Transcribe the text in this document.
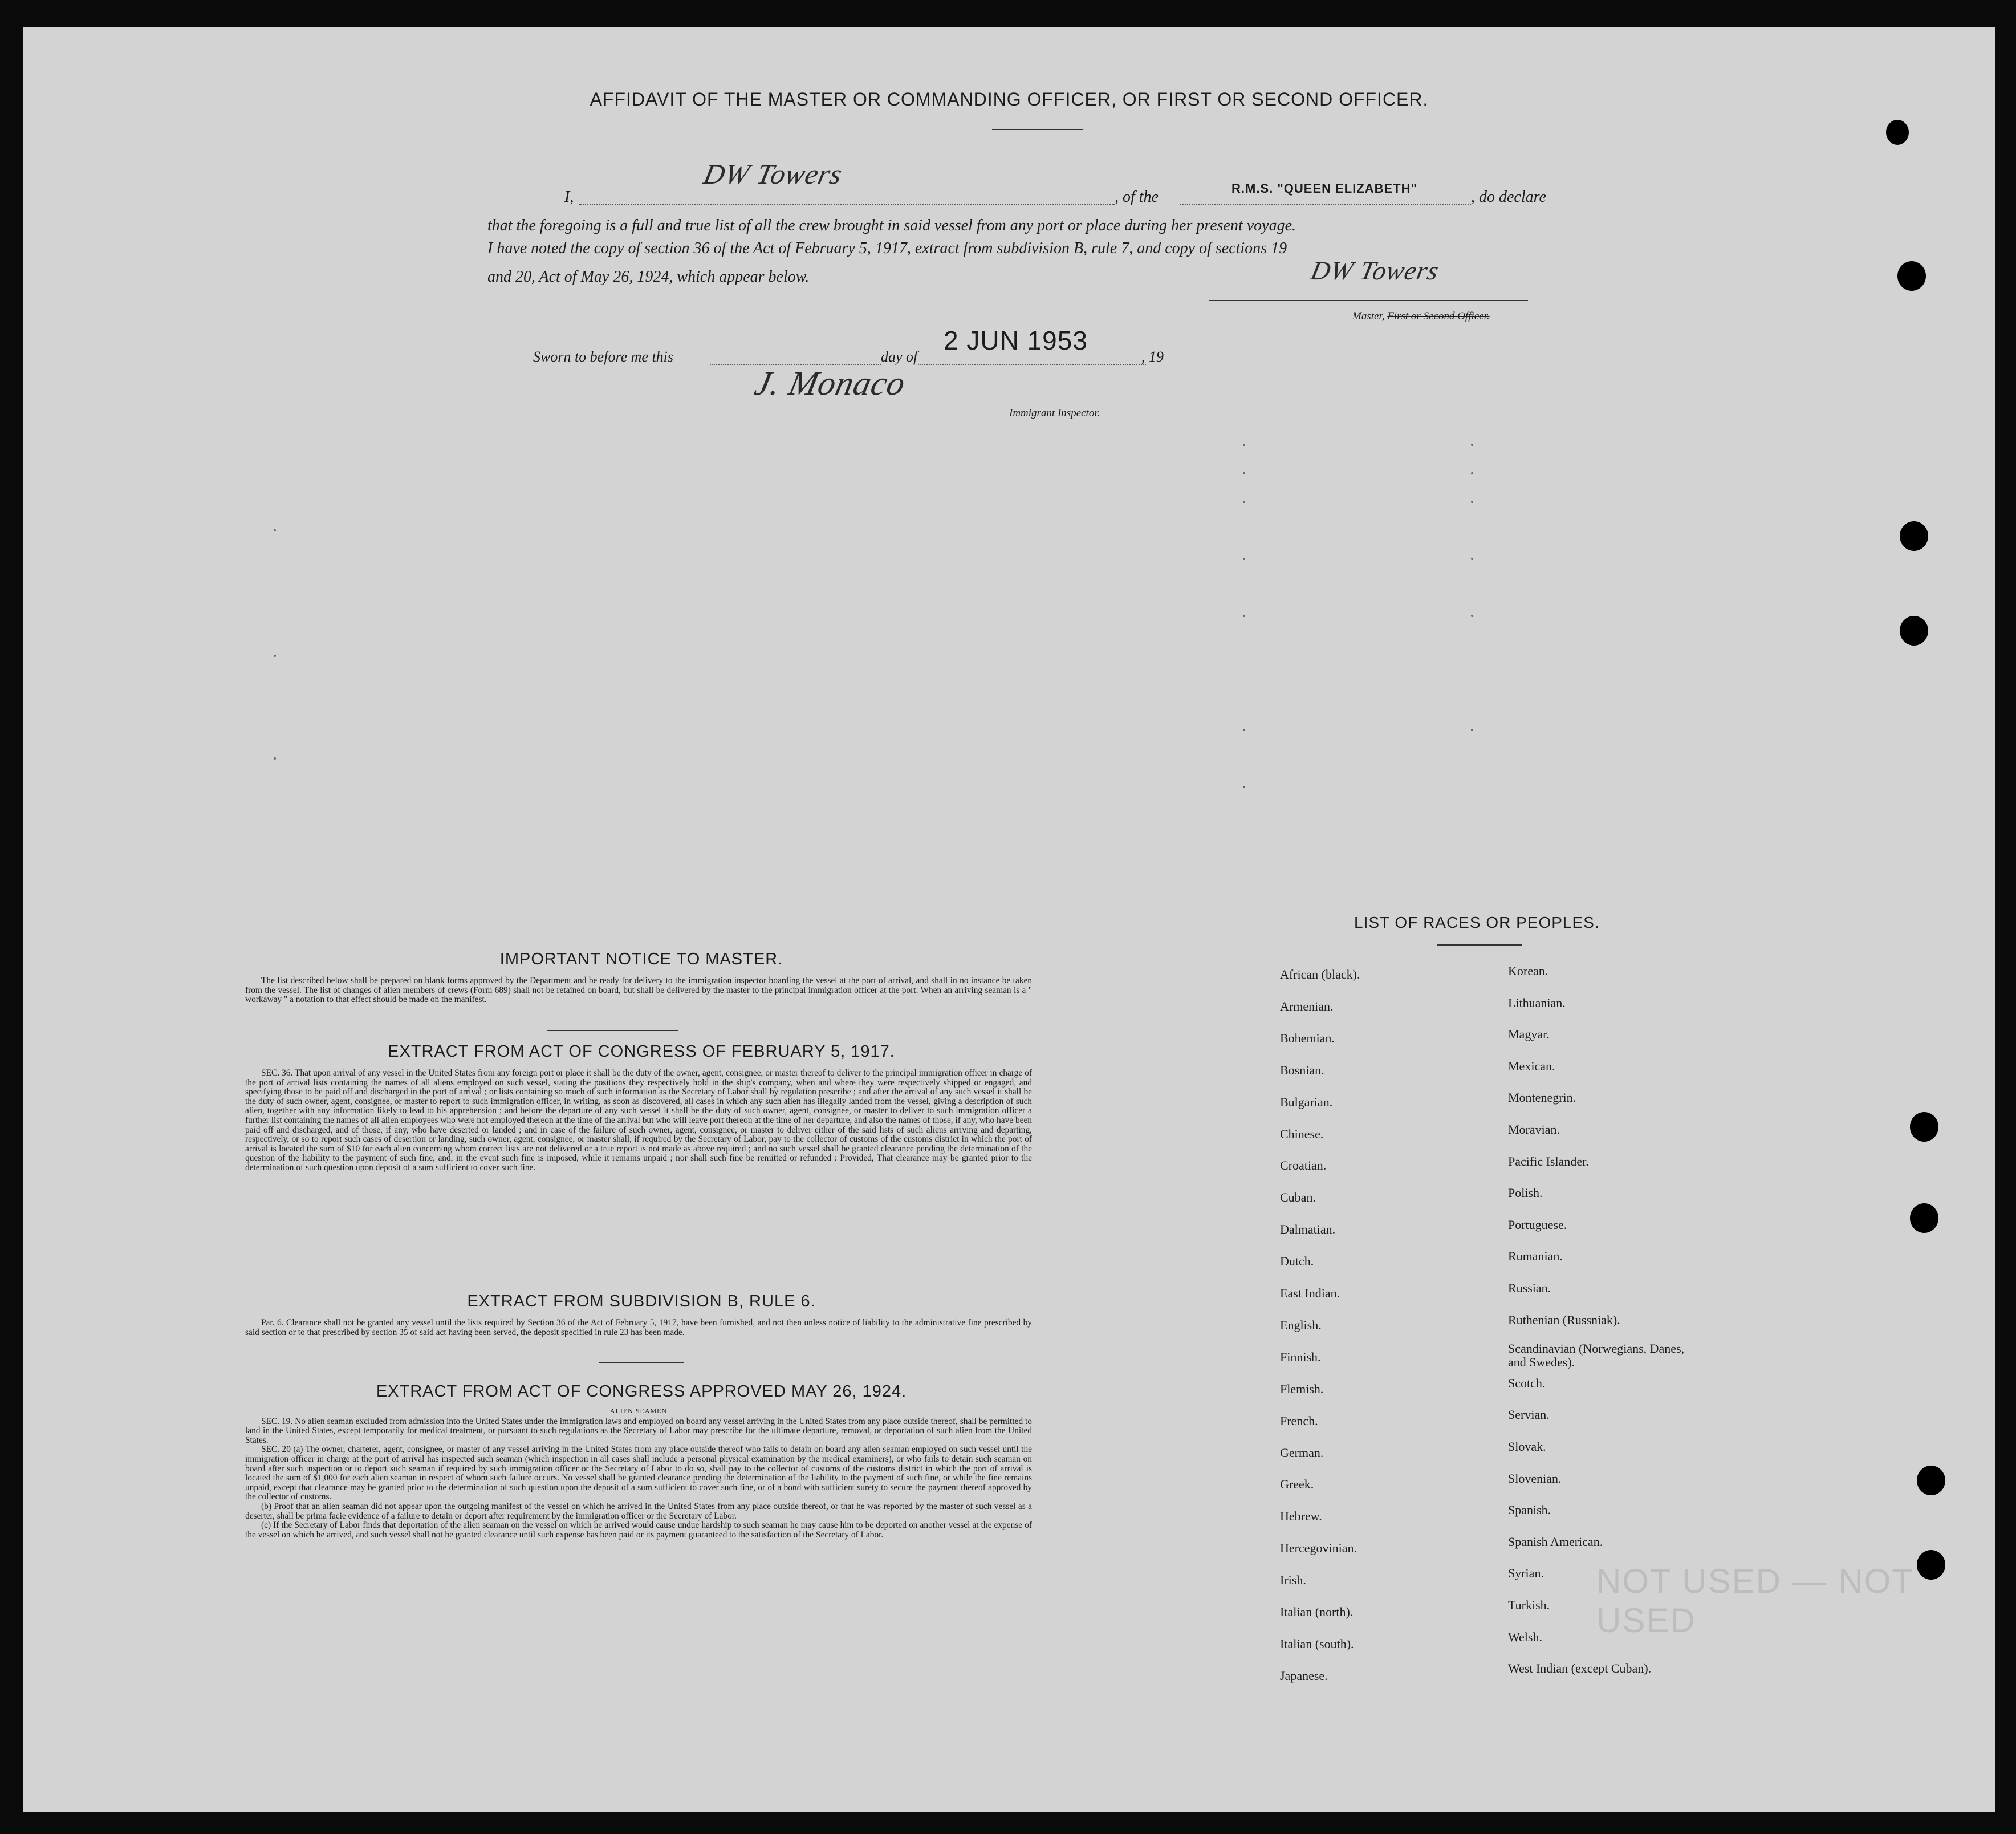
AFFIDAVIT OF THE MASTER OR COMMANDING OFFICER, OR FIRST OR SECOND OFFICER.
I,
DW Towers
, of the	R.M.S. "QUEEN ELIZABETH"	, do declare
that the foregoing is a full and true list of all the crew brought in said vessel from any port or place during her present voyage.
I have noted the copy of section 36 of the Act of February 5, 1917, extract from subdivision B, rule 7, and copy of sections 19
and 20, Act of May 26, 1924, which appear below.	DW Towers
Master, First or Second Officer.
Sworn to before me this	day of
2 JUN 1953
, 19
J. Monaco
Immigrant Inspector.
NOT USED — NOT USED
IMPORTANT NOTICE TO MASTER.

The list described below shall be prepared on blank forms approved by the Department and be ready for delivery to the immigration inspector boarding the vessel at the port of arrival, and shall in no instance be taken from the vessel. The list of changes of alien members of crews (Form 689) shall not be retained on board, but shall be delivered by the master to the principal immigration officer at the port. When an arriving seaman is a " workaway " a notation to that effect should be made on the manifest.

EXTRACT FROM ACT OF CONGRESS OF FEBRUARY 5, 1917.

SEC. 36. That upon arrival of any vessel in the United States from any foreign port or place it shall be the duty of the owner, agent, consignee, or master thereof to deliver to the principal immigration officer in charge of the port of arrival lists containing the names of all aliens employed on such vessel, stating the positions they respectively hold in the ship's company, when and where they were respectively shipped or engaged, and specifying those to be paid off and discharged in the port of arrival ; or lists containing so much of such information as the Secretary of Labor shall by regulation prescribe ; and after the arrival of any such vessel it shall be the duty of such owner, agent, consignee, or master to report to such immigration officer, in writing, as soon as discovered, all cases in which any such alien has illegally landed from the vessel, giving a description of such alien, together with any information likely to lead to his apprehension ; and before the departure of any such vessel it shall be the duty of such owner, agent, consignee, or master to deliver to such immigration officer a further list containing the names of all alien employees who were not employed thereon at the time of the arrival but who will leave port thereon at the time of her departure, and also the names of those, if any, who have been paid off and discharged, and of those, if any, who have deserted or landed ; and in case of the failure of such owner, agent, consignee, or master to deliver either of the said lists of such aliens arriving and departing, respectively, or so to report such cases of desertion or landing, such owner, agent, consignee, or master shall, if required by the Secretary of Labor, pay to the collector of customs of the customs district in which the port of arrival is located the sum of $10 for each alien concerning whom correct lists are not delivered or a true report is not made as above required ; and no such vessel shall be granted clearance pending the determination of the question of the liability to the payment of such fine, and, in the event such fine is imposed, while it remains unpaid ; nor shall such fine be remitted or refunded : Provided, That clearance may be granted prior to the determination of such question upon deposit of a sum sufficient to cover such fine.

EXTRACT FROM SUBDIVISION B, RULE 6.

Par. 6. Clearance shall not be granted any vessel until the lists required by Section 36 of the Act of February 5, 1917, have been furnished, and not then unless notice of liability to the administrative fine prescribed by said section or to that prescribed by section 35 of said act having been served, the deposit specified in rule 23 has been made.

EXTRACT FROM ACT OF CONGRESS APPROVED MAY 26, 1924.

ALIEN SEAMEN

SEC. 19. No alien seaman excluded from admission into the United States under the immigration laws and employed on board any vessel arriving in the United States from any place outside thereof, shall be permitted to land in the United States, except temporarily for medical treatment, or pursuant to such regulations as the Secretary of Labor may prescribe for the ultimate departure, removal, or deportation of such alien from the United States.

SEC. 20 (a) The owner, charterer, agent, consignee, or master of any vessel arriving in the United States from any place outside thereof who fails to detain on board any alien seaman employed on such vessel until the immigration officer in charge at the port of arrival has inspected such seaman (which inspection in all cases shall include a personal physical examination by the medical examiners), or who fails to detain such seaman on board after such inspection or to deport such seaman if required by such immigration officer or the Secretary of Labor to do so, shall pay to the collector of customs of the customs district in which the port of arrival is located the sum of $1,000 for each alien seaman in respect of whom such failure occurs. No vessel shall be granted clearance pending the determination of the liability to the payment of such fine, or while the fine remains unpaid, except that clearance may be granted prior to the determination of such question upon the deposit of a sum sufficient to cover such fine, or of a bond with sufficient surety to secure the payment thereof approved by the collector of customs.

(b) Proof that an alien seaman did not appear upon the outgoing manifest of the vessel on which he arrived in the United States from any place outside thereof, or that he was reported by the master of such vessel as a deserter, shall be prima facie evidence of a failure to detain or deport after requirement by the immigration officer or the Secretary of Labor.

(c) If the Secretary of Labor finds that deportation of the alien seaman on the vessel on which he arrived would cause undue hardship to such seaman he may cause him to be deported on another vessel at the expense of the vessel on which he arrived, and such vessel shall not be granted clearance until such expense has been paid or its payment guaranteed to the satisfaction of the Secretary of Labor.

LIST OF RACES OR PEOPLES.
African (black).
Armenian.
Bohemian.
Bosnian.
Bulgarian.
Chinese.
Croatian.
Cuban.
Dalmatian.
Dutch.
East Indian.
English.
Finnish.
Flemish.
French.
German.
Greek.
Hebrew.
Hercegovinian.
Irish.
Italian (north).
Italian (south).
Japanese.
Korean.
Lithuanian.
Magyar.
Mexican.
Montenegrin.
Moravian.
Pacific Islander.
Polish.
Portuguese.
Rumanian.
Russian.
Ruthenian (Russniak).
Scandinavian (Norwegians, Danes, and Swedes).
Scotch.
Servian.
Slovak.
Slovenian.
Spanish.
Spanish American.
Syrian.
Turkish.
Welsh.
West Indian (except Cuban).
